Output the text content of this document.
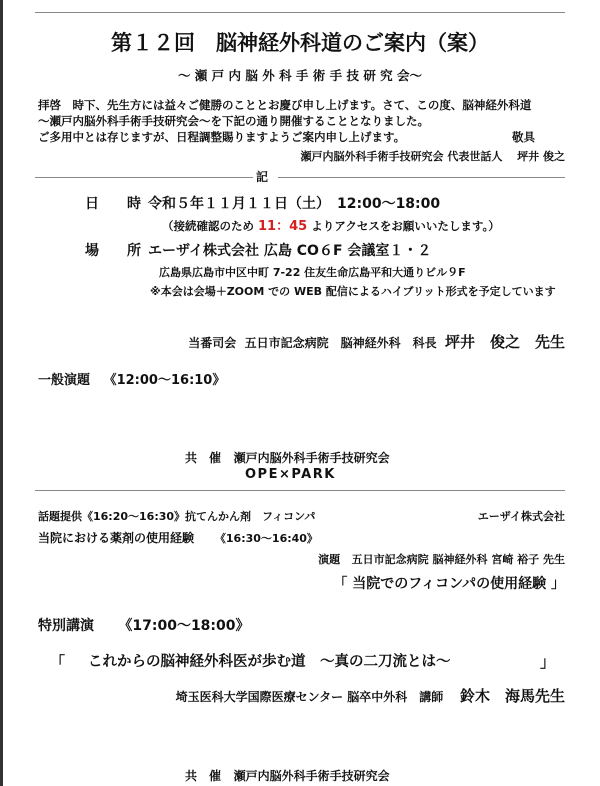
第１２回　脳神経外科道のご案内（案）
～ 瀬 戸 内 脳 外 科 手 術 手 技 研 究 会～
拝啓　時下、先生方には益々ご健勝のこととお慶び申し上げます。さて、この度、脳神経外科道
～瀬戸内脳外科手術手技研究会～を下記の通り開催することとなりました。
ご多用中とは存じますが、日程調整賜りますようご案内申し上げます。	敬具
瀬戸内脳外科手術手技研究会 代表世話人　 坪井 俊之
記
日　　時 令和５年１１月１１日（土）　12:00～18:00
（接続確認のため 11：45 よりアクセスをお願いいたします。）
場　　所 エーザイ株式会社 広島 CO６F 会議室１・２
広島県広島市中区中町 7-22 住友生命広島平和大通りビル９F
※本会は会場＋ZOOM での WEB 配信によるハイブリット形式を予定しています
当番司会 五日市記念病院　脳神経外科　科長 坪井　俊之　先生
一般演題 《12:00～16:10》
共　催 瀬戸内脳外科手術手技研究会
OPE×PARK
話題提供《16:20～16:30》抗てんかん剤　フィコンパ	エーザイ株式会社
当院における薬剤の使用経験 《16:30～16:40》
演題 五日市記念病院 脳神経外科 宮崎 裕子 先生
「 当院でのフィコンパの使用経験 」
特別講演 《17:00～18:00》
「 これからの脳神経外科医が歩む道　～真の二刀流とは～	」
埼玉医科大学国際医療センター 脳卒中外科　講師 鈴木　海馬先生
共　催 瀬戸内脳外科手術手技研究会
